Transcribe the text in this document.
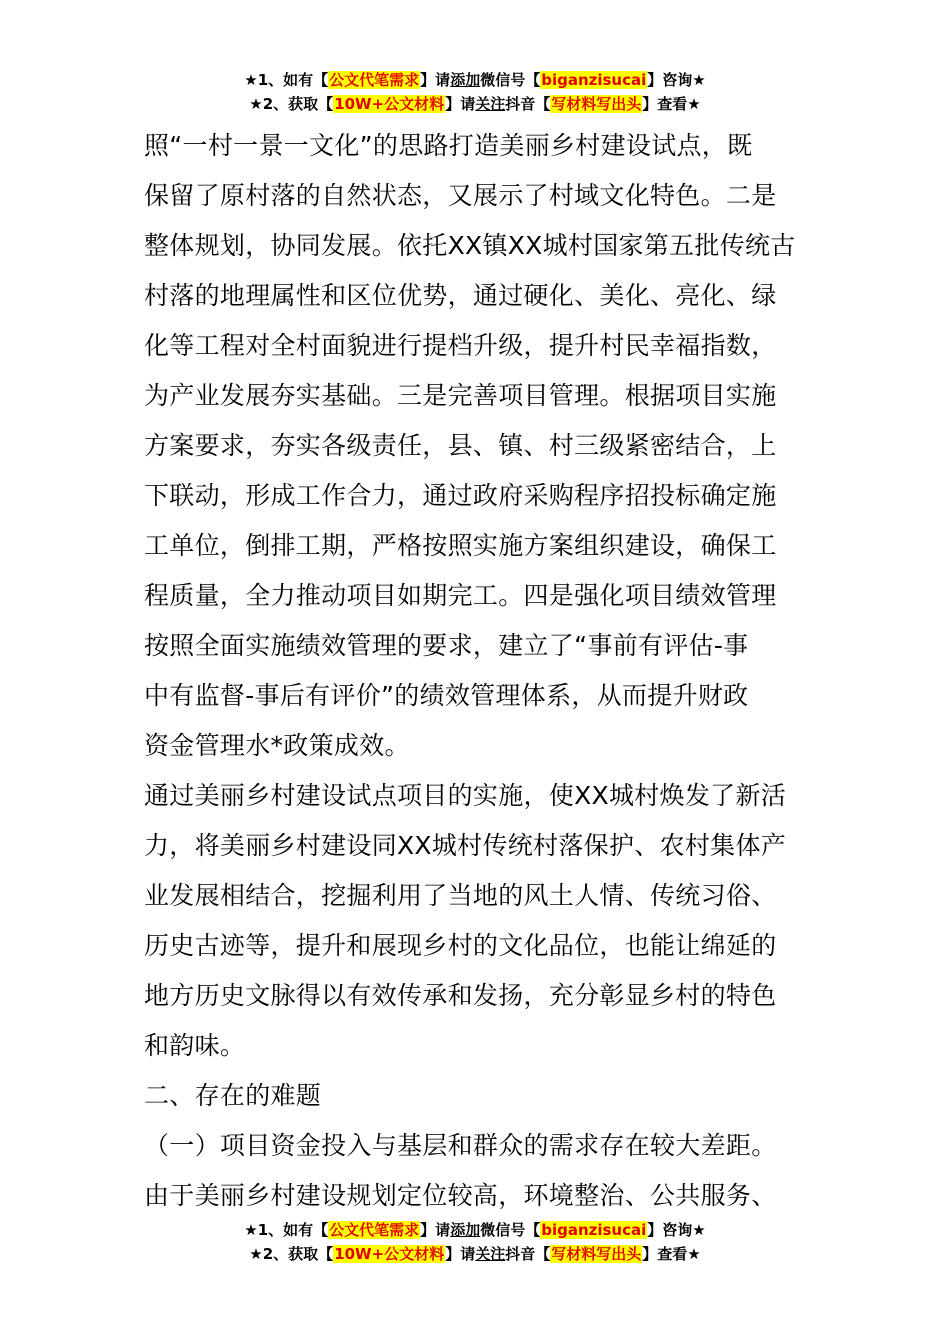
★1、如有【公文代笔需求】请添加微信号【biganzisucai】咨询★
★2、获取【10W+公文材料】请关注抖音【写材料写出头】查看★
照“一村一景一文化”的思路打造美丽乡村建设试点，既
保留了原村落的自然状态，又展示了村域文化特色。二是
整体规划，协同发展。依托XX镇XX城村国家第五批传统古
村落的地理属性和区位优势，通过硬化、美化、亮化、绿
化等工程对全村面貌进行提档升级，提升村民幸福指数，
为产业发展夯实基础。三是完善项目管理。根据项目实施
方案要求，夯实各级责任，县、镇、村三级紧密结合，上
下联动，形成工作合力，通过政府采购程序招投标确定施
工单位，倒排工期，严格按照实施方案组织建设，确保工
程质量，全力推动项目如期完工。四是强化项目绩效管理
按照全面实施绩效管理的要求，建立了“事前有评估-事
中有监督-事后有评价”的绩效管理体系，从而提升财政
资金管理水*政策成效。
通过美丽乡村建设试点项目的实施，使XX城村焕发了新活
力，将美丽乡村建设同XX城村传统村落保护、农村集体产
业发展相结合，挖掘利用了当地的风土人情、传统习俗、
历史古迹等，提升和展现乡村的文化品位，也能让绵延的
地方历史文脉得以有效传承和发扬，充分彰显乡村的特色
和韵味。
二、存在的难题
（一）项目资金投入与基层和群众的需求存在较大差距。
由于美丽乡村建设规划定位较高，环境整治、公共服务、
★1、如有【公文代笔需求】请添加微信号【biganzisucai】咨询★
★2、获取【10W+公文材料】请关注抖音【写材料写出头】查看★
